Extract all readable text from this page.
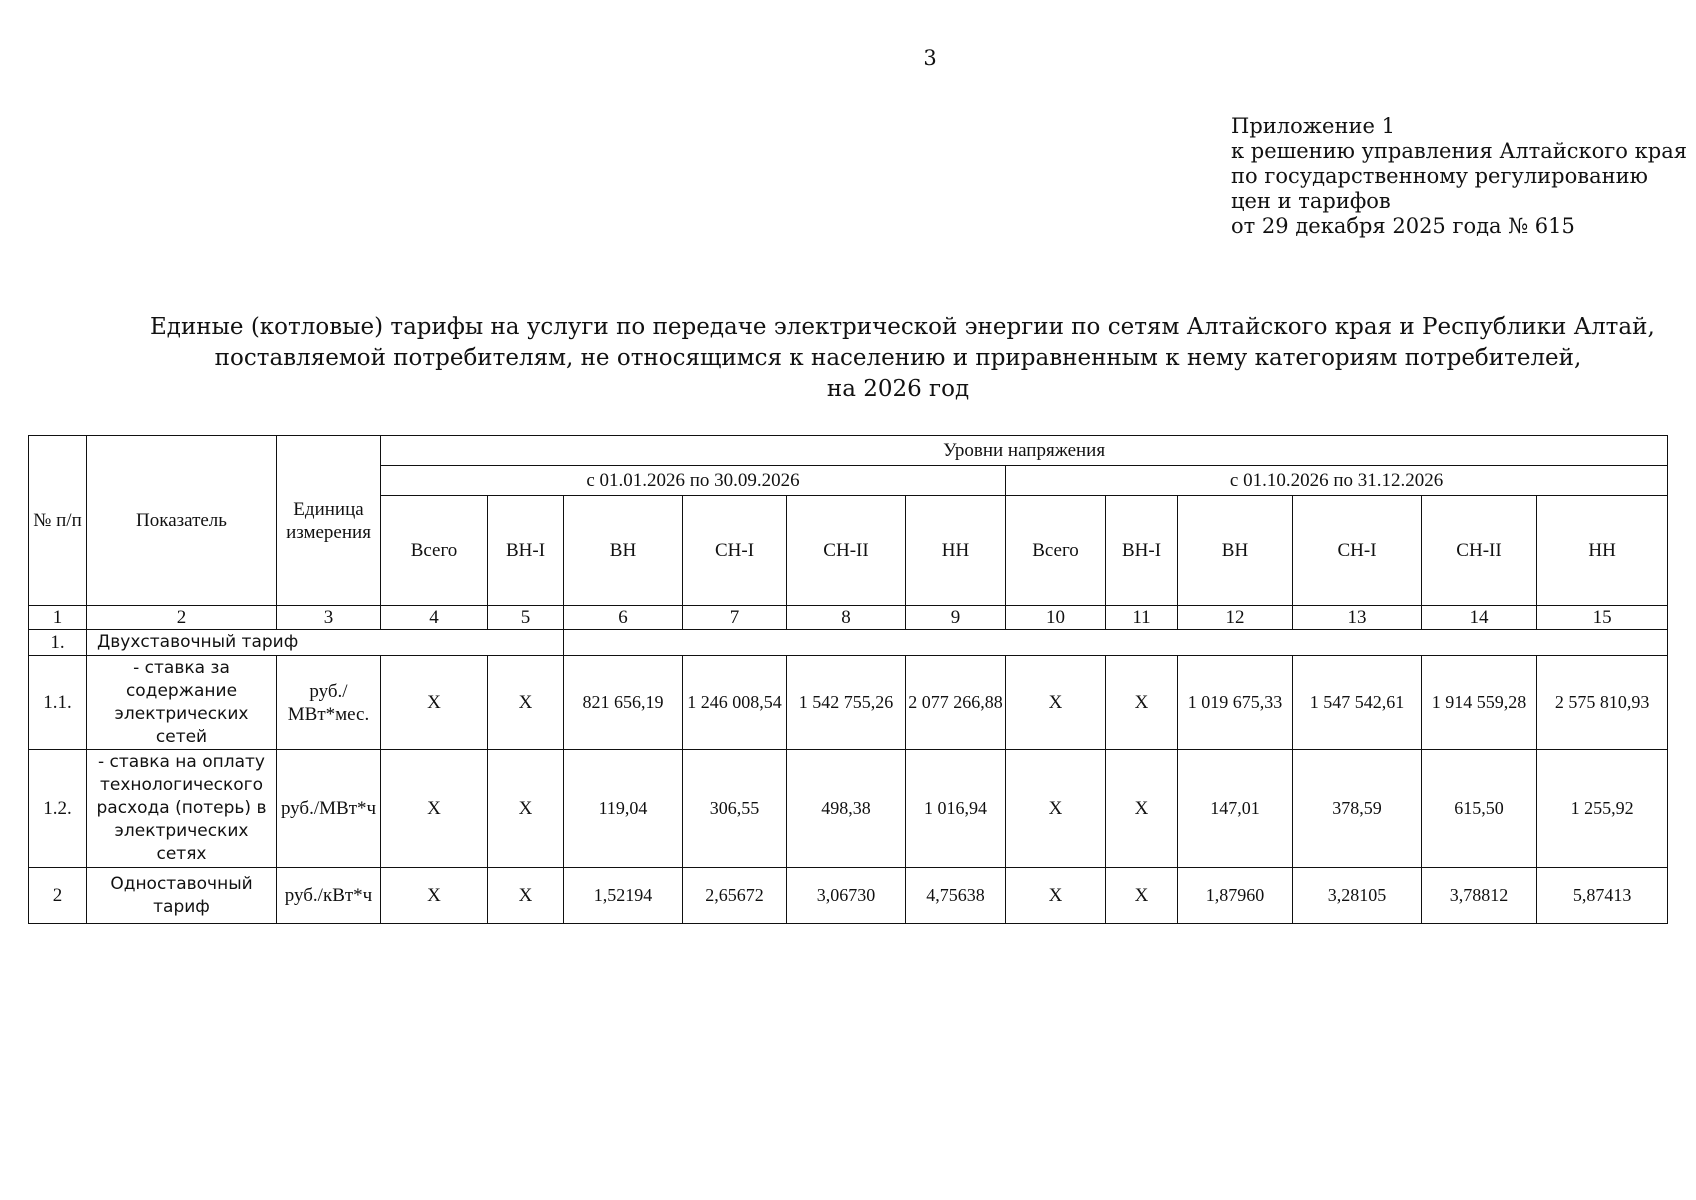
3
Приложение 1
к решению управления Алтайского края
по государственному регулированию
цен и тарифов
от 29 декабря 2025 года № 615
Единые (котловые) тарифы на услуги по передаче электрической энергии по сетям Алтайского края и Республики Алтай,
поставляемой потребителям, не относящимся к населению и приравненным к нему категориям потребителей,
на 2026 год
№ п/п	Показатель	Единица измерения	Уровни напряжения											
			с 01.01.2026 по 30.09.2026						с 01.10.2026 по 31.12.2026					
			Всего	ВН-I	ВН	СН-I	СН-II	НН	Всего	ВН-I	ВН	СН-I	СН-II	НН
1	2	3	4	5	6	7	8	9	10	11	12	13	14	15
1.	Двухставочный тариф													
1.1.	- ставка за содержание электрических сетей	руб./ МВт*мес.	Х	Х	821 656,19	1 246 008,54	1 542 755,26	2 077 266,88	Х	Х	1 019 675,33	1 547 542,61	1 914 559,28	2 575 810,93
1.2.	- ставка на оплату технологического расхода (потерь) в электрических сетях	руб./МВт*ч	Х	Х	119,04	306,55	498,38	1 016,94	Х	Х	147,01	378,59	615,50	1 255,92
2	Одноставочный тариф	руб./кВт*ч	Х	Х	1,52194	2,65672	3,06730	4,75638	Х	Х	1,87960	3,28105	3,78812	5,87413
